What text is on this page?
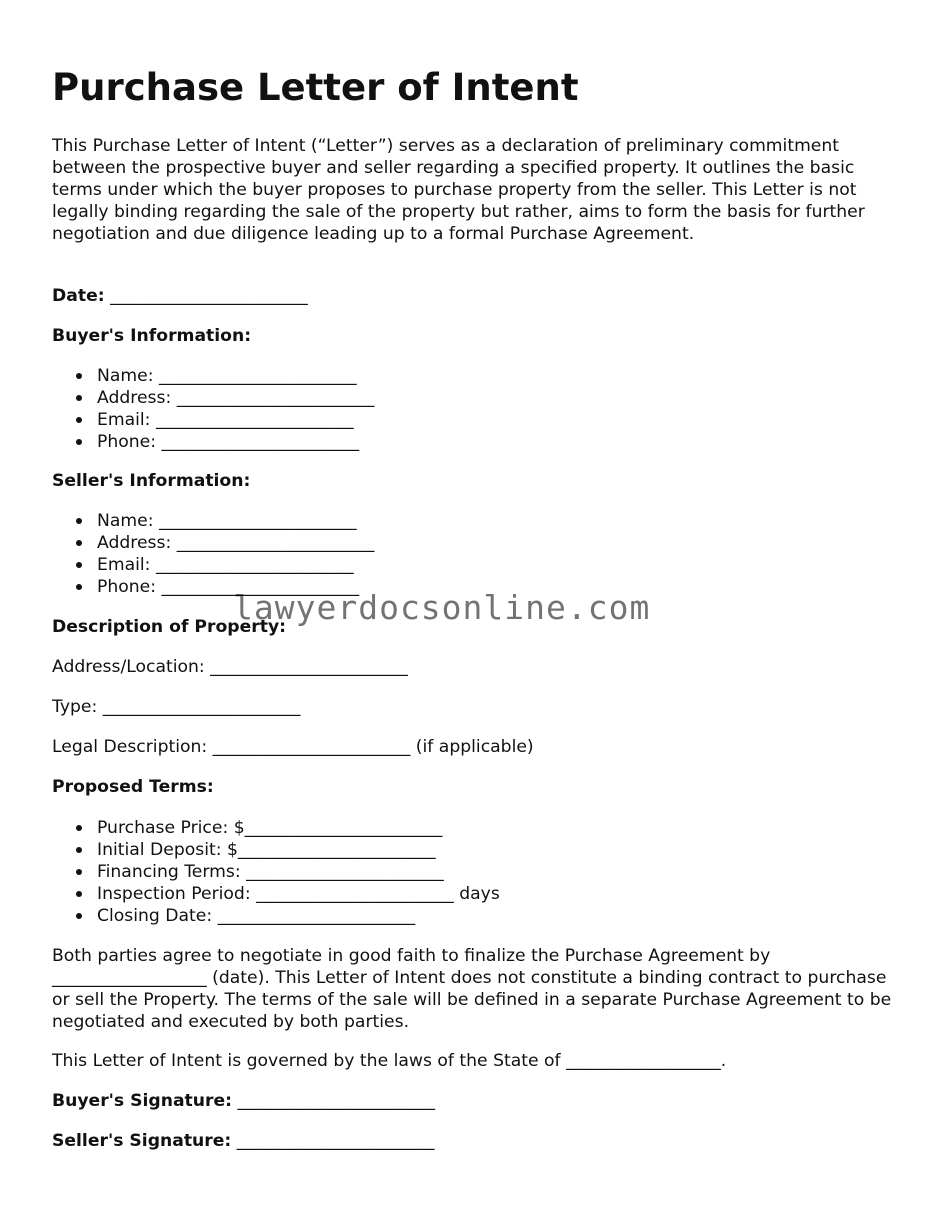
Purchase Letter of Intent

This Purchase Letter of Intent (“Letter”) serves as a declaration of preliminary commitment between the prospective buyer and seller regarding a specified property. It outlines the basic terms under which the buyer proposes to purchase property from the seller. This Letter is not legally binding regarding the sale of the property but rather, aims to form the basis for further negotiation and due diligence leading up to a formal Purchase Agreement.

Date: _______________________

Buyer's Information:

Name: _______________________
Address: _______________________
Email: _______________________
Phone: _______________________

Seller's Information:

Name: _______________________
Address: _______________________
Email: _______________________
Phone: _______________________

Description of Property:

Address/Location: _______________________

Type: _______________________

Legal Description: _______________________ (if applicable)

Proposed Terms:

Purchase Price: $_______________________
Initial Deposit: $_______________________
Financing Terms: _______________________
Inspection Period: _______________________ days
Closing Date: _______________________

Both parties agree to negotiate in good faith to finalize the Purchase Agreement by __________________ (date). This Letter of Intent does not constitute a binding contract to purchase or sell the Property. The terms of the sale will be defined in a separate Purchase Agreement to be negotiated and executed by both parties.

This Letter of Intent is governed by the laws of the State of __________________.

Buyer's Signature: _______________________

Seller's Signature: _______________________

lawyerdocsonline.com
